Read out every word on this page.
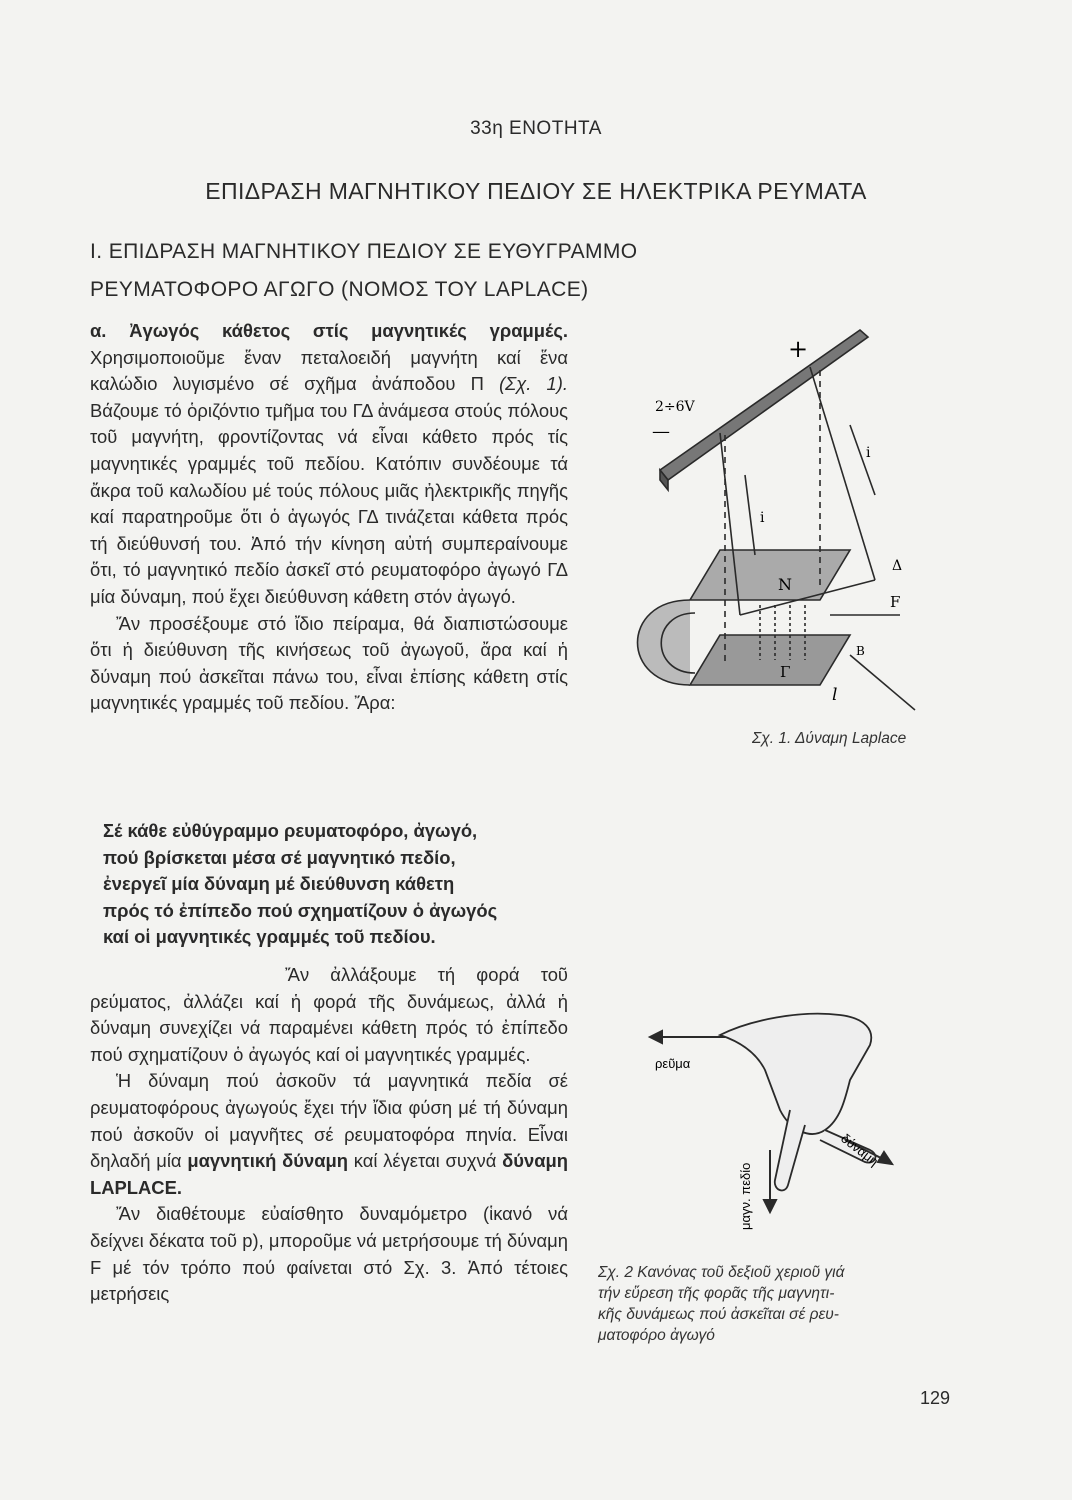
33η ΕΝΟΤΗΤΑ
ΕΠΙΔΡΑΣΗ ΜΑΓΝΗΤΙΚΟΥ ΠΕΔΙΟΥ ΣΕ ΗΛΕΚΤΡΙΚΑ ΡΕΥΜΑΤΑ
Ι. ΕΠΙΔΡΑΣΗ ΜΑΓΝΗΤΙΚΟΥ ΠΕΔΙΟΥ ΣΕ ΕΥΘΥΓΡΑΜΜΟ
ΡΕΥΜΑΤΟΦΟΡΟ ΑΓΩΓΟ (ΝΟΜΟΣ ΤΟΥ LAPLACE)

α. Ἀγωγός κάθετος στίς μαγνητικές γραμμές. Χρησιμοποιοῦμε ἕναν πεταλοειδή μαγνήτη καί ἕνα καλώδιο λυγισμένο σέ σχῆμα ἀνάποδου Π (Σχ. 1). Βάζουμε τό ὁριζόντιο τμῆμα του ΓΔ ἀνάμεσα στούς πόλους τοῦ μαγνήτη, φροντίζοντας νά εἶναι κάθετο πρός τίς μαγνητικές γραμμές τοῦ πεδίου. Κατόπιν συνδέουμε τά ἄκρα τοῦ καλωδίου μέ τούς πόλους μιᾶς ἠλεκτρικῆς πηγῆς καί παρατηροῦμε ὅτι ὁ ἀγωγός ΓΔ τινάζεται κάθετα πρός τή διεύθυνσή του. Ἀπό τήν κίνηση αὐτή συμπεραίνουμε ὅτι, τό μαγνητικό πεδίο ἀσκεῖ στό ρευματοφόρο ἀγωγό ΓΔ μία δύναμη, πού ἔχει διεύθυνση κάθετη στόν ἀγωγό.

Ἄν προσέξουμε στό ἴδιο πείραμα, θά διαπιστώσουμε ὅτι ἡ διεύθυνση τῆς κινήσεως τοῦ ἀγωγοῦ, ἄρα καί ἡ δύναμη πού ἀσκεῖται πάνω του, εἶναι ἐπίσης κάθετη στίς μαγνητικές γραμμές τοῦ πεδίου. Ἄρα:

Σέ κάθε εὐθύγραμμο ρευματοφόρο, ἀγωγό,

πού βρίσκεται μέσα σέ μαγνητικό πεδίο,

ἐνεργεῖ μία δύναμη μέ διεύθυνση κάθετη

πρός τό ἐπίπεδο πού σχηματίζουν ὁ ἀγωγός

καί οἱ μαγνητικές γραμμές τοῦ πεδίου.

Ἄν ἀλλάξουμε τή φορά τοῦ ρεύματος, ἀλλάζει καί ἡ φορά τῆς δυνάμεως, ἀλλά ἡ δύναμη συνεχίζει νά παραμένει κάθετη πρός τό ἐπίπεδο πού σχηματίζουν ὁ ἀγωγός καί οἱ μαγνητικές γραμμές.

Ἡ δύναμη πού ἀσκοῦν τά μαγνητικά πεδία σέ ρευματοφόρους ἀγωγούς ἔχει τήν ἴδια φύση μέ τή δύναμη πού ἀσκοῦν οἱ μαγνῆτες σέ ρευματοφόρα πηνία. Εἶναι δηλαδή μία μαγνητική δύναμη καί λέγεται συχνά δύναμη LAPLACE.

Ἄν διαθέτουμε εὐαίσθητο δυναμόμετρο (ἱκανό νά δείχνει δέκατα τοῦ p), μποροῦμε νά μετρήσουμε τή δύναμη F μέ τόν τρόπο πού φαίνεται στό Σχ. 3. Ἀπό τέτοιες μετρήσεις

+
—
2÷6V
i
i
N
Δ
F
B
Γ
l
Σχ. 1. Δύναμη Laplace
ρεῦμα
δύναμη
μαγν. πεδίο
Σχ. 2 Κανόνας τοῦ δεξιοῦ χεριοῦ γιά
τήν εὕρεση τῆς φορᾶς τῆς μαγνητι-
κῆς δυνάμεως πού ἀσκεῖται σέ ρευ-
ματοφόρο ἀγωγό
129
